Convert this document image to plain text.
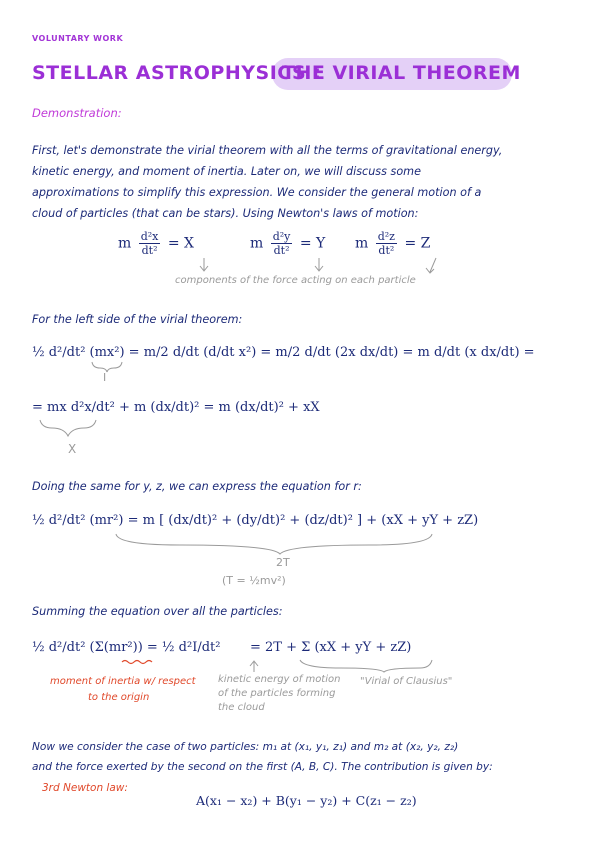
VOLUNTARY WORK
STELLAR ASTROPHYSICS :
THE VIRIAL THEOREM
Demonstration:
First, let's demonstrate the virial theorem with all the terms of gravitational energy,
kinetic energy, and moment of inertia. Later on, we will discuss some
approximations to simplify this expression. We consider the general motion of a
cloud of particles (that can be stars). Using Newton's laws of motion:
m $\frac{\text{d²x}}{\text{dt²}} = X$	m $\frac{\text{d²y}}{\text{dt²}} = Y$ m $\frac{\text{d²z}}{\text{dt²}} = Z$
components of the force acting on each particle
For the left side of the virial theorem:
½ d²/dt² (mx²) = m/2 d/dt (d/dt x²) = m/2 d/dt (2x dx/dt) = m d/dt (x dx/dt) =
I
= mx d²x/dt² + m (dx/dt)² = m (dx/dt)² + xX
X
Doing the same for y, z, we can express the equation for r:
½ d²/dt² (mr²) = m [ (dx/dt)² + (dy/dt)² + (dz/dt)² ] + (xX + yY + zZ)
2T
(T = ½mv²)
Summing the equation over all the particles:
½ d²/dt² (Σ(mr²)) = ½ d²I/dt² = 2T + Σ (xX + yY + zZ)
moment of inertia w/ respect
to the origin
kinetic energy of motion
of the particles forming
the cloud
"Virial of Clausius"
Now we consider the case of two particles: m₁ at (x₁, y₁, z₁) and m₂ at (x₂, y₂, z₂)
and the force exerted by the second on the first (A, B, C). The contribution is given by:
3rd Newton law:
A(x₁ − x₂) + B(y₁ − y₂) + C(z₁ − z₂)
